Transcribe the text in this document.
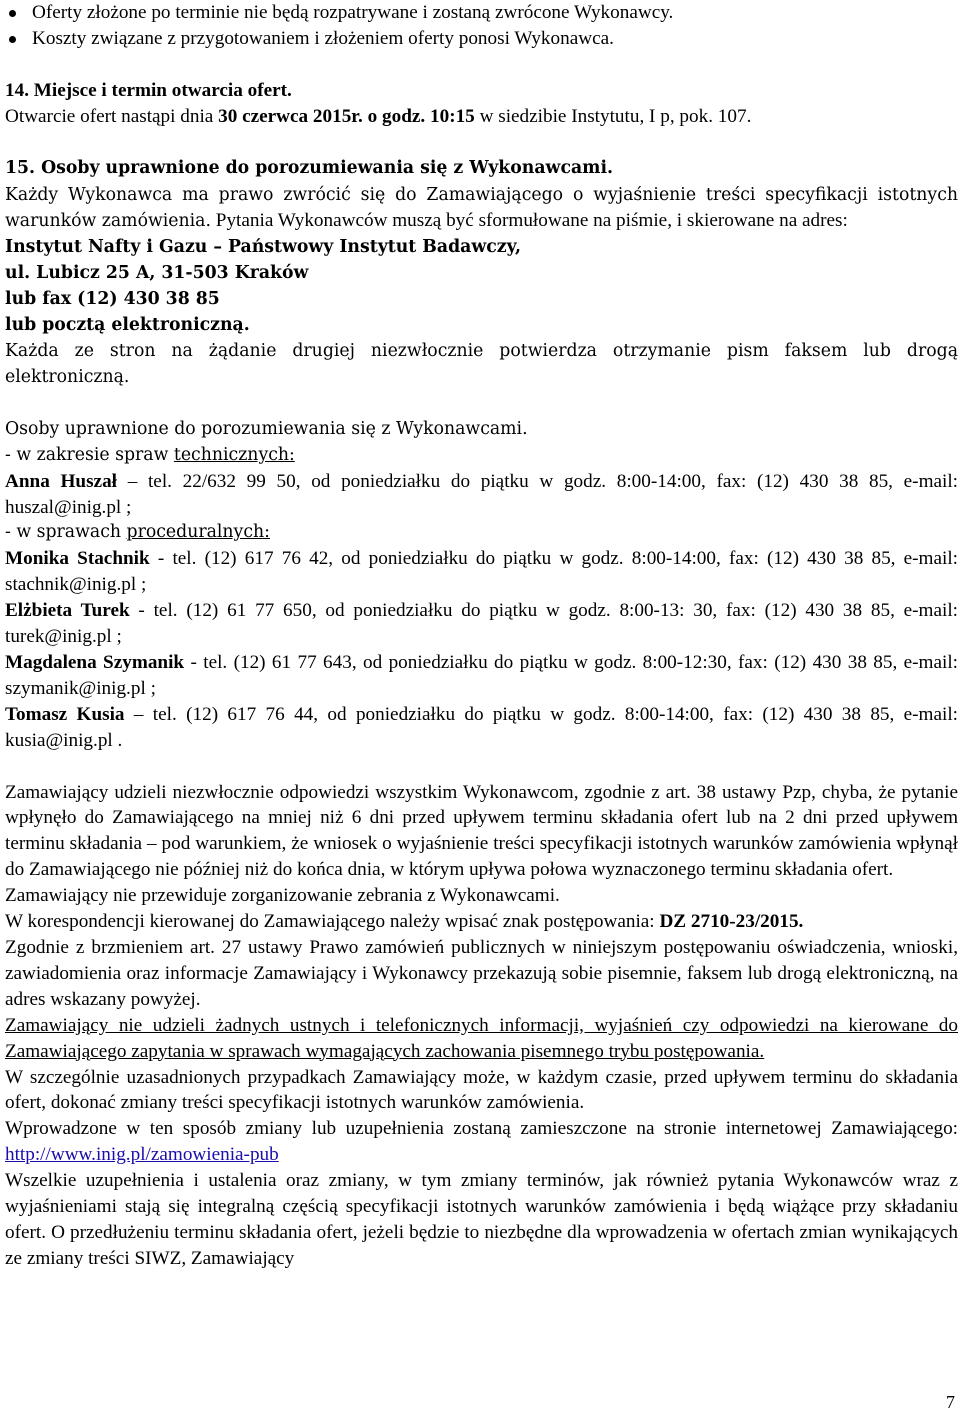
Oferty złożone po terminie nie będą rozpatrywane i zostaną zwrócone Wykonawcy.
Koszty związane z przygotowaniem i złożeniem oferty ponosi Wykonawca.

14. Miejsce i termin otwarcia ofert.

Otwarcie ofert nastąpi dnia 30 czerwca 2015r. o godz. 10:15 w siedzibie Instytutu, I p, pok. 107.

15. Osoby uprawnione do porozumiewania się z Wykonawcami.

Każdy Wykonawca ma prawo zwrócić się do Zamawiającego o wyjaśnienie treści specyfikacji istotnych warunków zamówienia. Pytania Wykonawców muszą być sformułowane na piśmie, i skierowane na adres:

Instytut Nafty i Gazu – Państwowy Instytut Badawczy,

ul. Lubicz 25 A, 31-503 Kraków

lub fax (12) 430 38 85

lub pocztą elektroniczną.

Każda ze stron na żądanie drugiej niezwłocznie potwierdza otrzymanie pism faksem lub drogą elektroniczną.

Osoby uprawnione do porozumiewania się z Wykonawcami.

- w zakresie spraw technicznych:

Anna Huszał – tel. 22/632 99 50, od poniedziałku do piątku w godz. 8:00-14:00, fax: (12) 430 38 85, e-mail: huszal@inig.pl ;

- w sprawach proceduralnych:

Monika Stachnik - tel. (12) 617 76 42, od poniedziałku do piątku w godz. 8:00-14:00, fax: (12) 430 38 85, e-mail: stachnik@inig.pl ;

Elżbieta Turek - tel. (12) 61 77 650, od poniedziałku do piątku w godz. 8:00-13: 30, fax: (12) 430 38 85, e-mail: turek@inig.pl ;

Magdalena Szymanik - tel. (12) 61 77 643, od poniedziałku do piątku w godz. 8:00-12:30, fax: (12) 430 38 85, e-mail: szymanik@inig.pl ;

Tomasz Kusia – tel. (12) 617 76 44, od poniedziałku do piątku w godz. 8:00-14:00, fax: (12) 430 38 85, e-mail: kusia@inig.pl .

Zamawiający udzieli niezwłocznie odpowiedzi wszystkim Wykonawcom, zgodnie z art. 38 ustawy Pzp, chyba, że pytanie wpłynęło do Zamawiającego na mniej niż 6 dni przed upływem terminu składania ofert lub na 2 dni przed upływem terminu składania – pod warunkiem, że wniosek o wyjaśnienie treści specyfikacji istotnych warunków zamówienia wpłynął do Zamawiającego nie później niż do końca dnia, w którym upływa połowa wyznaczonego terminu składania ofert.

Zamawiający nie przewiduje zorganizowanie zebrania z Wykonawcami.

W korespondencji kierowanej do Zamawiającego należy wpisać znak postępowania: DZ 2710-23/2015.

Zgodnie z brzmieniem art. 27 ustawy Prawo zamówień publicznych w niniejszym postępowaniu oświadczenia, wnioski, zawiadomienia oraz informacje Zamawiający i Wykonawcy przekazują sobie pisemnie, faksem lub drogą elektroniczną, na adres wskazany powyżej.

Zamawiający nie udzieli żadnych ustnych i telefonicznych informacji, wyjaśnień czy odpowiedzi na kierowane do Zamawiającego zapytania w sprawach wymagających zachowania pisemnego trybu postępowania.

W szczególnie uzasadnionych przypadkach Zamawiający może, w każdym czasie, przed upływem terminu do składania ofert, dokonać zmiany treści specyfikacji istotnych warunków zamówienia.

Wprowadzone w ten sposób zmiany lub uzupełnienia zostaną zamieszczone na stronie internetowej Zamawiającego: http://www.inig.pl/zamowienia-pub

Wszelkie uzupełnienia i ustalenia oraz zmiany, w tym zmiany terminów, jak również pytania Wykonawców wraz z wyjaśnieniami stają się integralną częścią specyfikacji istotnych warunków zamówienia i będą wiążące przy składaniu ofert. O przedłużeniu terminu składania ofert, jeżeli będzie to niezbędne dla wprowadzenia w ofertach zmian wynikających ze zmiany treści SIWZ, Zamawiający

7
